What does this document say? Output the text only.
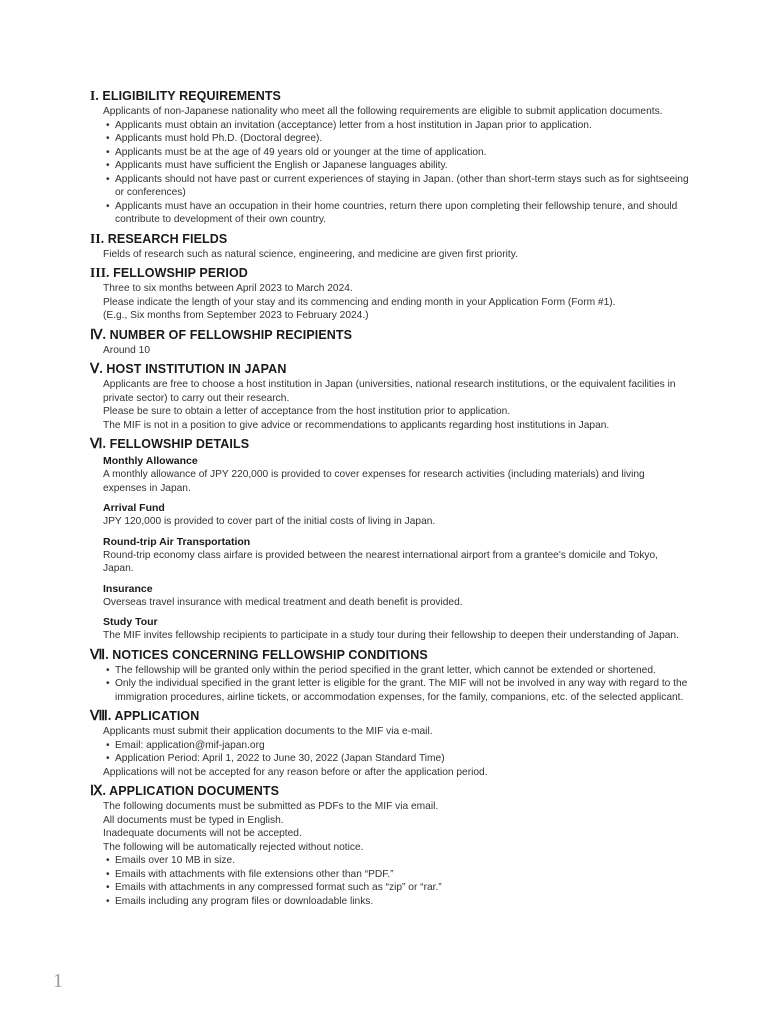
I. ELIGIBILITY REQUIREMENTS

Applicants of non-Japanese nationality who meet all the following requirements are eligible to submit application documents.

• Applicants must obtain an invitation (acceptance) letter from a host institution in Japan prior to application.
• Applicants must hold Ph.D. (Doctoral degree).
• Applicants must be at the age of 49 years old or younger at the time of application.
• Applicants must have sufficient the English or Japanese languages ability.
• Applicants should not have past or current experiences of staying in Japan. (other than short-term stays such as for sightseeing or conferences)
• Applicants must have an occupation in their home countries, return there upon completing their fellowship tenure, and should contribute to development of their own country.
II. RESEARCH FIELDS

Fields of research such as natural science, engineering, and medicine are given first priority.

III. FELLOWSHIP PERIOD

Three to six months between April 2023 to March 2024.

Please indicate the length of your stay and its commencing and ending month in your Application Form (Form #1).

(E.g., Six months from September 2023 to February 2024.)

Ⅳ. NUMBER OF FELLOWSHIP RECIPIENTS

Around 10

Ⅴ. HOST INSTITUTION IN JAPAN

Applicants are free to choose a host institution in Japan (universities, national research institutions, or the equivalent facilities in private sector) to carry out their research.

Please be sure to obtain a letter of acceptance from the host institution prior to application.

The MIF is not in a position to give advice or recommendations to applicants regarding host institutions in Japan.

Ⅵ. FELLOWSHIP DETAILS
Monthly Allowance

A monthly allowance of JPY 220,000 is provided to cover expenses for research activities (including materials) and living expenses in Japan.

Arrival Fund

JPY 120,000 is provided to cover part of the initial costs of living in Japan.

Round-trip Air Transportation

Round-trip economy class airfare is provided between the nearest international airport from a grantee's domicile and Tokyo, Japan.

Insurance

Overseas travel insurance with medical treatment and death benefit is provided.

Study Tour

The MIF invites fellowship recipients to participate in a study tour during their fellowship to deepen their understanding of Japan.

Ⅶ. NOTICES CONCERNING FELLOWSHIP CONDITIONS
• The fellowship will be granted only within the period specified in the grant letter, which cannot be extended or shortened.
• Only the individual specified in the grant letter is eligible for the grant. The MIF will not be involved in any way with regard to the immigration procedures, airline tickets, or accommodation expenses, for the family, companions, etc. of the selected applicant.
Ⅷ. APPLICATION

Applicants must submit their application documents to the MIF via e-mail.

• Email: application@mif-japan.org
• Application Period: April 1, 2022 to June 30, 2022 (Japan Standard Time)

Applications will not be accepted for any reason before or after the application period.

Ⅸ. APPLICATION DOCUMENTS

The following documents must be submitted as PDFs to the MIF via email.

All documents must be typed in English.

Inadequate documents will not be accepted.

The following will be automatically rejected without notice.

• Emails over 10 MB in size.
• Emails with attachments with file extensions other than “PDF.”
• Emails with attachments in any compressed format such as “zip” or “rar.”
• Emails including any program files or downloadable links.
1
